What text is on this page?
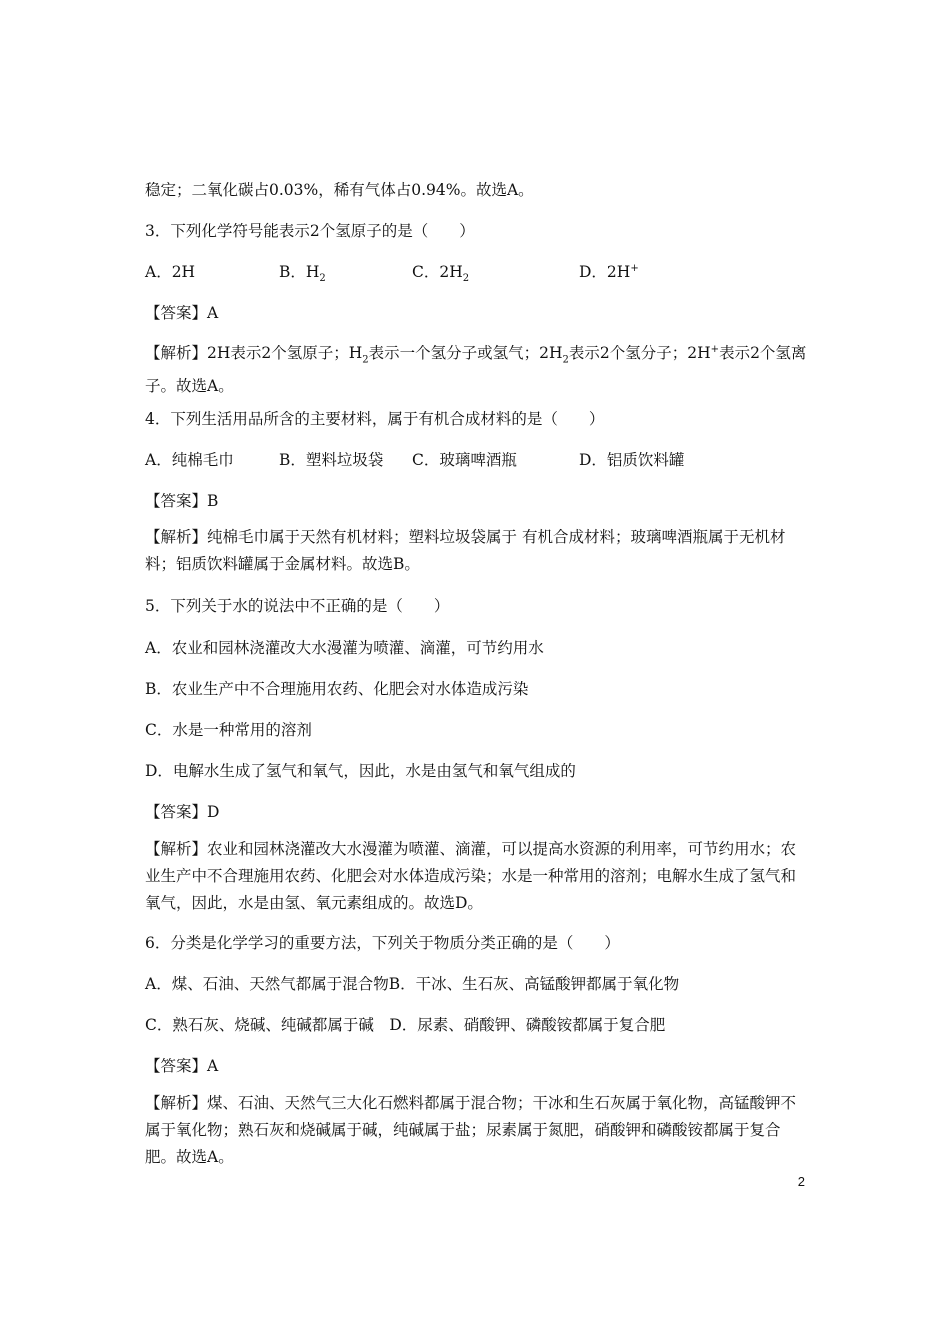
稳定；二氧化碳占0.03%，稀有气体占0.94%。故选A。
3．下列化学符号能表示2个氢原子的是（　　）
A．2H	B．$H_2$	C．$2H_2$	D．2H+
【答案】A
【解析】2H表示2个氢原子；$H_2$表示一个氢分子或氢气；$2H_2$表示2个氢分子；2H+表示2个氢离子。故选A。
4．下列生活用品所含的主要材料，属于有机合成材料的是（　　）
A．纯棉毛巾	B．塑料垃圾袋 C．玻璃啤酒瓶	D．铝质饮料罐
【答案】B
【解析】纯棉毛巾属于天然有机材料；塑料垃圾袋属于 有机合成材料；玻璃啤酒瓶属于无机材料；铝质饮料罐属于金属材料。故选B。
5．下列关于水的说法中不正确的是（　　）
A．农业和园林浇灌改大水漫灌为喷灌、滴灌，可节约用水
B．农业生产中不合理施用农药、化肥会对水体造成污染
C．水是一种常用的溶剂
D．电解水生成了氢气和氧气，因此，水是由氢气和氧气组成的
【答案】D
【解析】农业和园林浇灌改大水漫灌为喷灌、滴灌，可以提高水资源的利用率，可节约用水；农业生产中不合理施用农药、化肥会对水体造成污染；水是一种常用的溶剂；电解水生成了氢气和氧气，因此，水是由氢、氧元素组成的。故选D。
6．分类是化学学习的重要方法，下列关于物质分类正确的是（　　）
A．煤、石油、天然气都属于混合物B．干冰、生石灰、高锰酸钾都属于氧化物
C．熟石灰、烧碱、纯碱都属于碱　D．尿素、硝酸钾、磷酸铵都属于复合肥
【答案】A
【解析】煤、石油、天然气三大化石燃料都属于混合物；干冰和生石灰属于氧化物，高锰酸钾不属于氧化物；熟石灰和烧碱属于碱，纯碱属于盐；尿素属于氮肥，硝酸钾和磷酸铵都属于复合肥。故选A。
2
